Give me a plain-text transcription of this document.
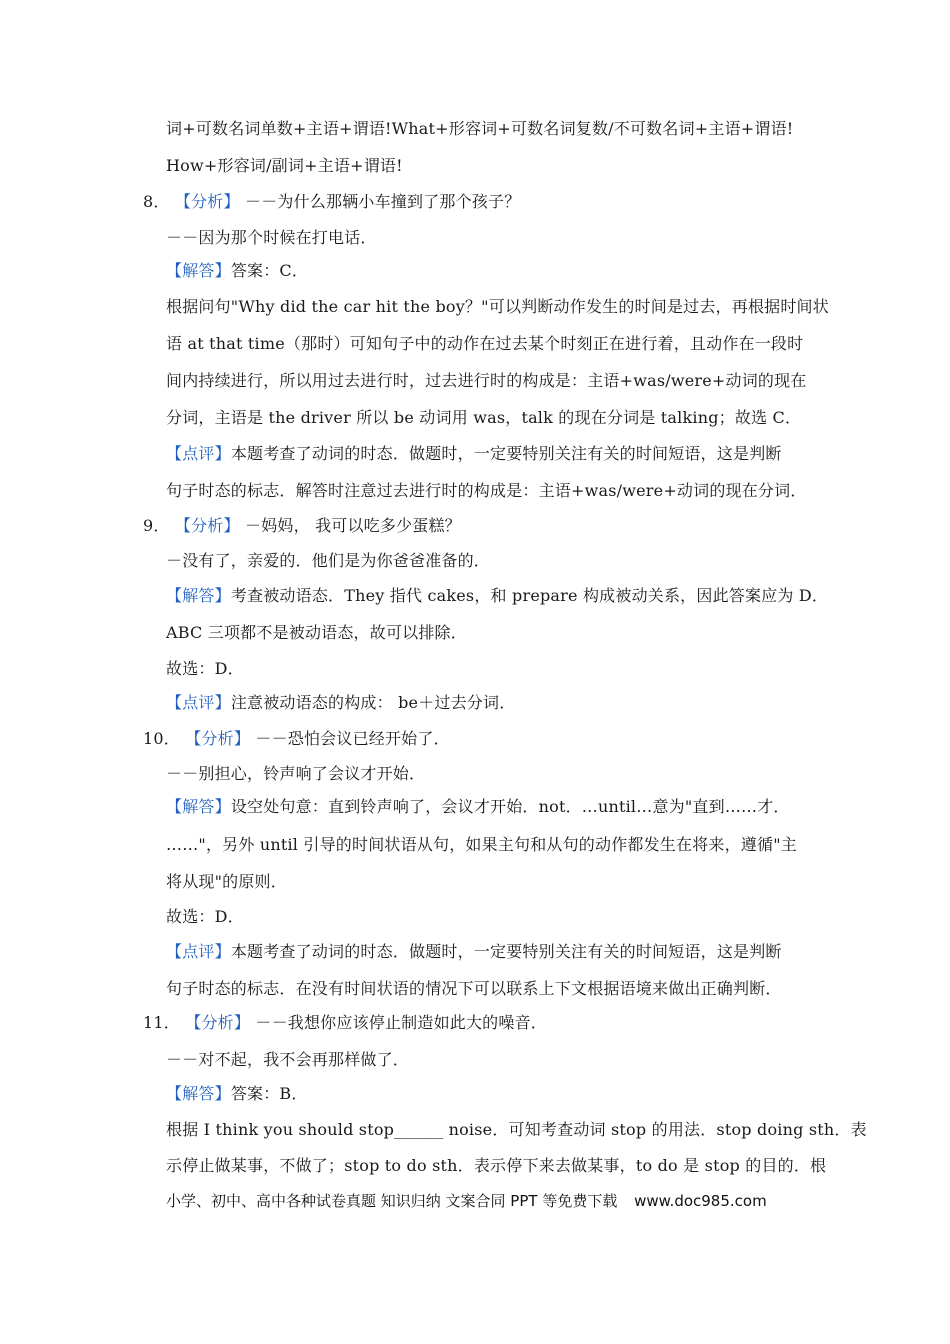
词+可数名词单数+主语+谓语!What+形容词+可数名词复数/不可数名词+主语+谓语!
How+形容词/副词+主语+谓语!
8． 【分析】 －－为什么那辆小车撞到了那个孩子？
－－因为那个时候在打电话．
【解答】答案：C．
根据问句"Why did the car hit the boy？"可以判断动作发生的时间是过去，再根据时间状
语 at that time（那时）可知句子中的动作在过去某个时刻正在进行着，且动作在一段时
间内持续进行，所以用过去进行时，过去进行时的构成是：主语+was/were+动词的现在
分词，主语是 the driver 所以 be 动词用 was，talk 的现在分词是 talking；故选 C．
【点评】本题考查了动词的时态．做题时，一定要特别关注有关的时间短语，这是判断
句子时态的标志．解答时注意过去进行时的构成是：主语+was/were+动词的现在分词．
9． 【分析】 －妈妈， 我可以吃多少蛋糕？
－没有了，亲爱的．他们是为你爸爸准备的．
【解答】考查被动语态．They 指代 cakes，和 prepare 构成被动关系，因此答案应为 D．
ABC 三项都不是被动语态，故可以排除．
故选：D．
【点评】注意被动语态的构成： be＋过去分词．
10． 【分析】 －－恐怕会议已经开始了．
－－别担心，铃声响了会议才开始．
【解答】设空处句意：直到铃声响了，会议才开始．not．…until…意为"直到……才．
……"，另外 until 引导的时间状语从句，如果主句和从句的动作都发生在将来，遵循"主
将从现"的原则．
故选：D．
【点评】本题考查了动词的时态．做题时，一定要特别关注有关的时间短语，这是判断
句子时态的标志．在没有时间状语的情况下可以联系上下文根据语境来做出正确判断．
11． 【分析】 －－我想你应该停止制造如此大的噪音．
－－对不起，我不会再那样做了．
【解答】答案：B．
根据 I think you should stop______ noise．可知考查动词 stop 的用法．stop doing sth．表
示停止做某事，不做了；stop to do sth．表示停下来去做某事，to do 是 stop 的目的．根
小学、初中、高中各种试卷真题 知识归纳 文案合同 PPT 等免费下载 www.doc985.com
